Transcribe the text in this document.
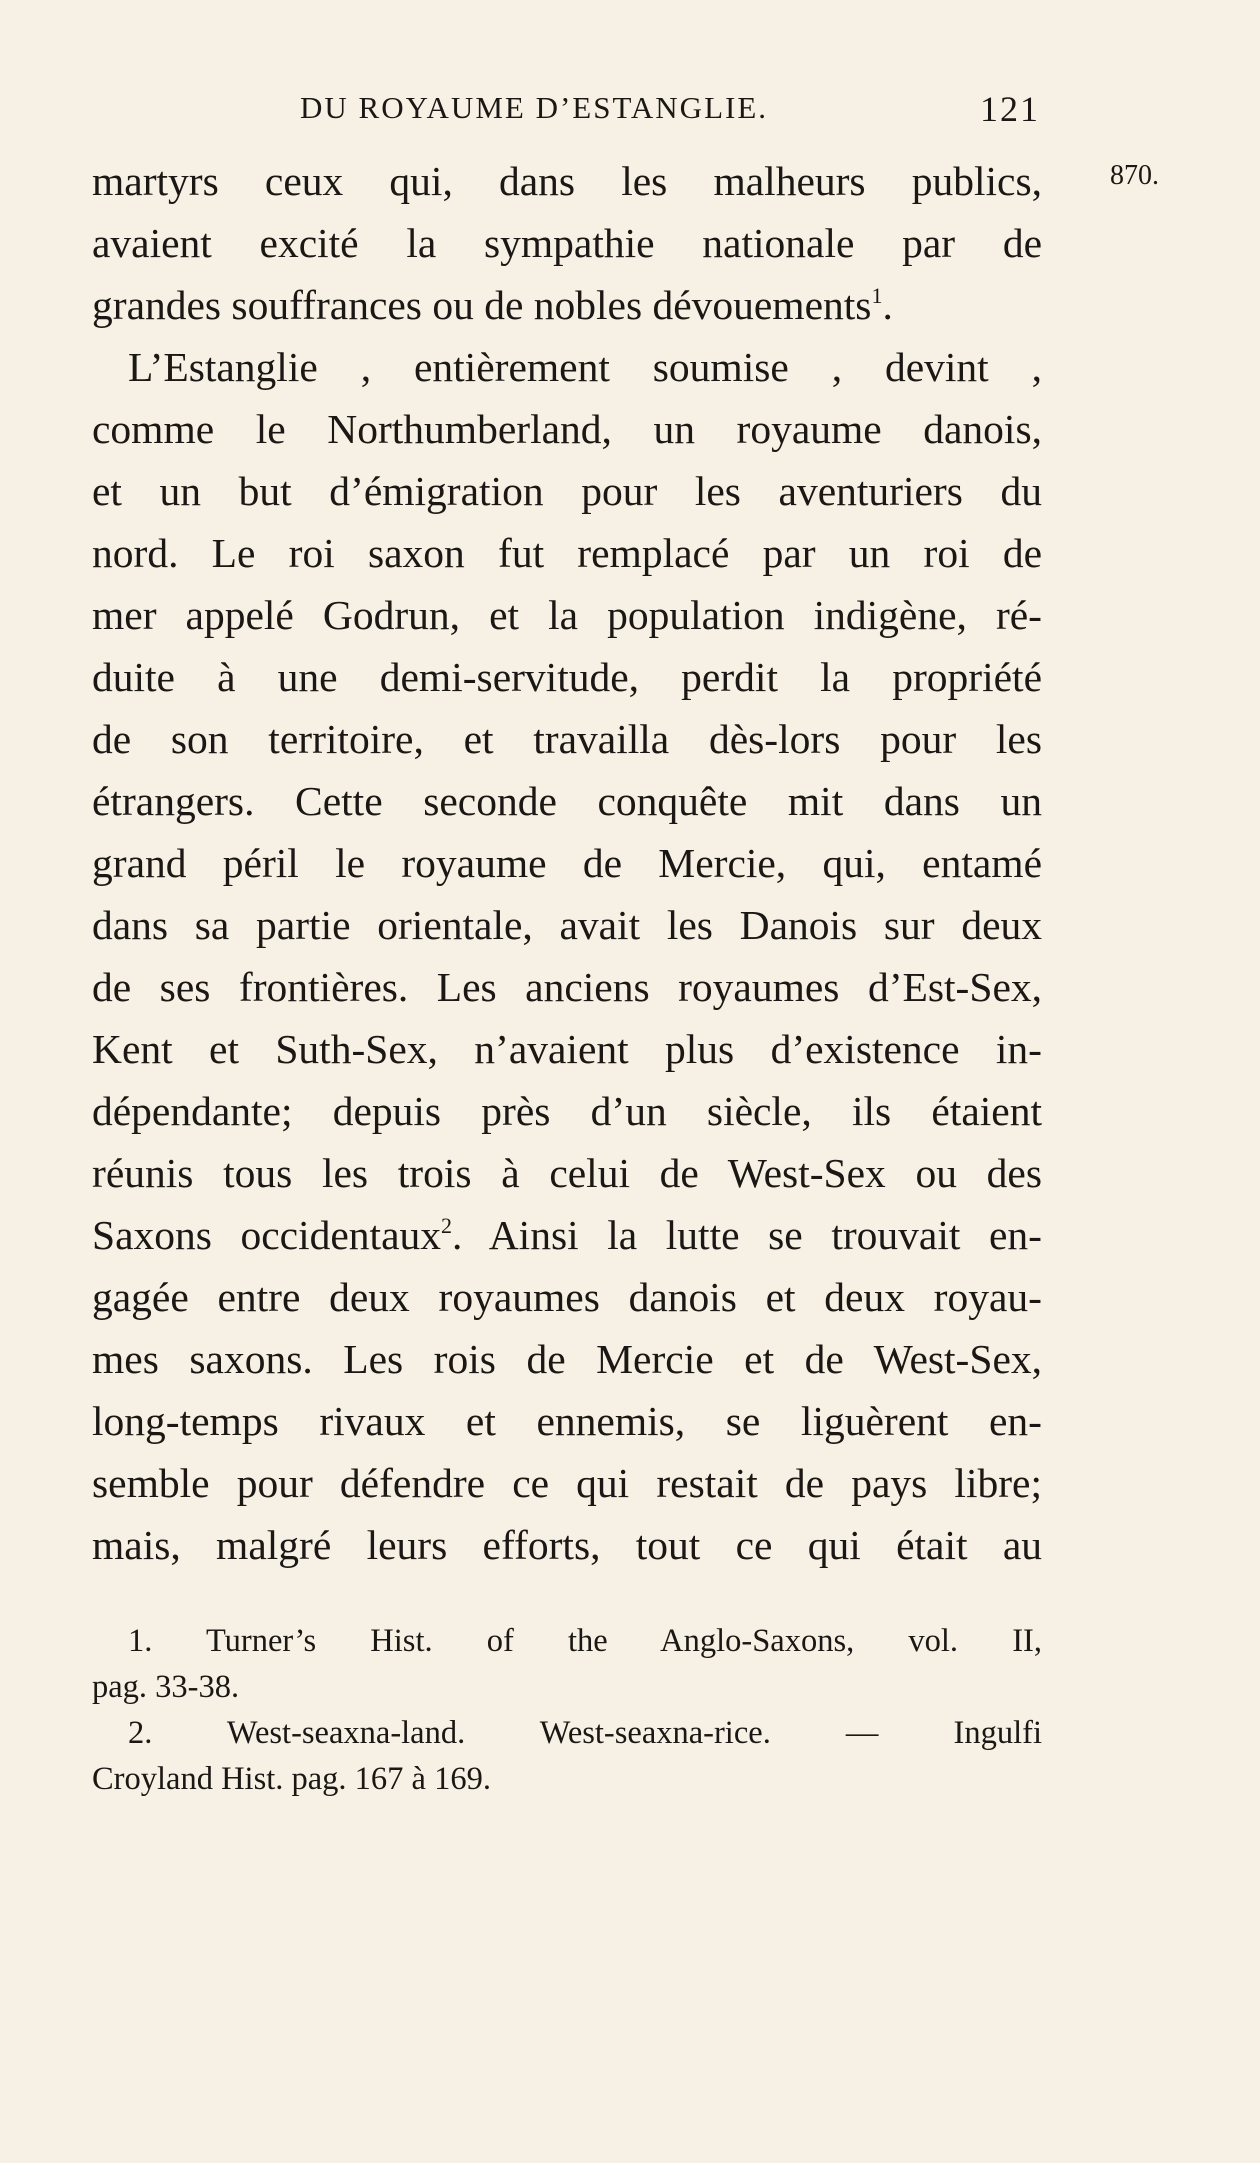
DU ROYAUME D’ESTANGLIE.	121
870.
martyrs ceux qui, dans les malheurs publics,
avaient excité la sympathie nationale par de
grandes souffrances ou de nobles dévouements$^1$.
L’Estanglie , entièrement soumise , devint ,
comme le Northumberland, un royaume danois,
et un but d’émigration pour les aventuriers du
nord. Le roi saxon fut remplacé par un roi de
mer appelé Godrun, et la population indigène, ré-
duite à une demi-servitude, perdit la propriété
de son territoire, et travailla dès-lors pour les
étrangers. Cette seconde conquête mit dans un
grand péril le royaume de Mercie, qui, entamé
dans sa partie orientale, avait les Danois sur deux
de ses frontières. Les anciens royaumes d’Est-Sex,
Kent et Suth-Sex, n’avaient plus d’existence in-
dépendante; depuis près d’un siècle, ils étaient
réunis tous les trois à celui de West-Sex ou des
Saxons occidentaux$^2$. Ainsi la lutte se trouvait en-
gagée entre deux royaumes danois et deux royau-
mes saxons. Les rois de Mercie et de West-Sex,
long-temps rivaux et ennemis, se liguèrent en-
semble pour défendre ce qui restait de pays libre;
mais, malgré leurs efforts, tout ce qui était au
1. Turner’s Hist. of the Anglo-Saxons, vol. II,
pag. 33-38.
2. West-seaxna-land. West-seaxna-rice. — Ingulfi
Croyland Hist. pag. 167 à 169.
